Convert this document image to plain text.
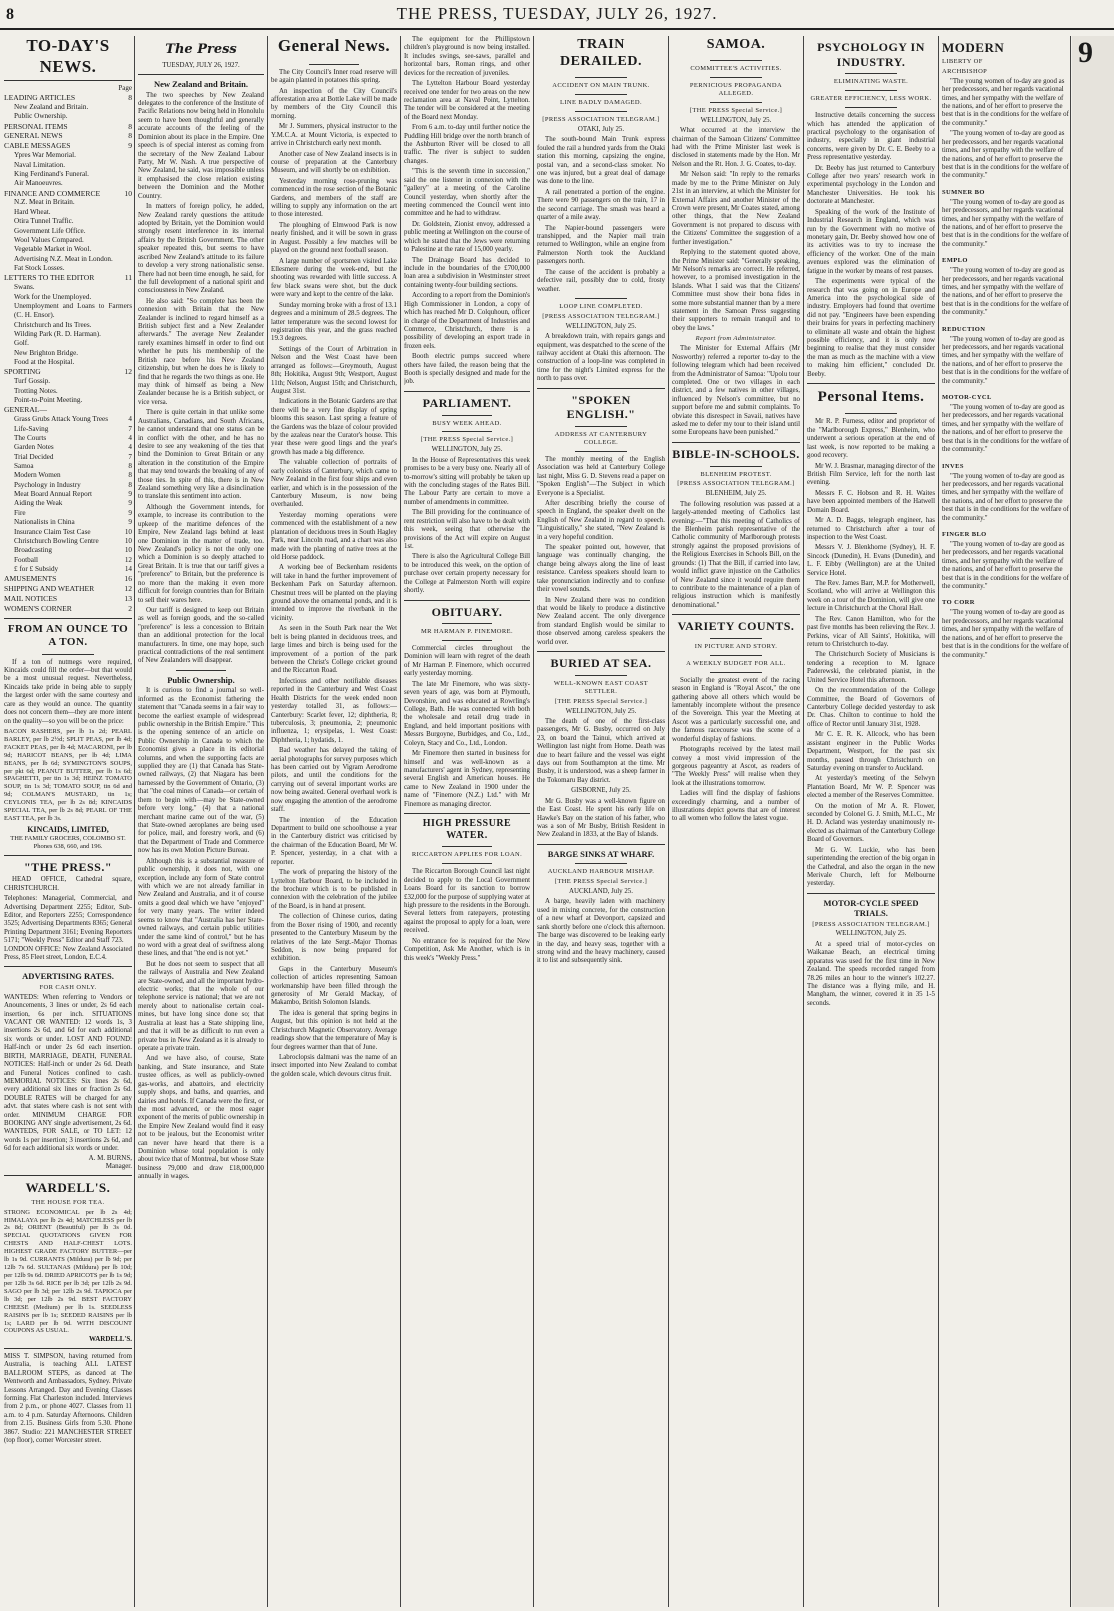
8	THE PRESS, TUESDAY, JULY 26, 1927.
TO-DAY'S NEWS.
Page
LEADING ARTICLES	8
New Zealand and Britain.
Public Ownership.
PERSONAL ITEMS	8
GENERAL NEWS	8
CABLE MESSAGES	9
Ypres War Memorial.
Naval Limitation.
King Ferdinand's Funeral.
Air Manoeuvres.
FINANCE AND COMMERCE	10
N.Z. Meat in Britain.
Hard Wheat.
Otira Tunnel Traffic.
Government Life Office.
Wool Values Compared.
Vegetable Market in Wool.
Advertising N.Z. Meat in London.
Fat Stock Losses.
LETTERS TO THE EDITOR	11
Swans.
Work for the Unemployed.
Unemployment and Loans to Farmers (C. H. Ensor).
Christchurch and Its Trees.
Wilding Park (R. D. Harman).
Golf.
New Brighton Bridge.
Food at the Hospital.
SPORTING	12
Turf Gossip.
Trotting Notes.
Point-to-Point Meeting.
GENERAL—
Grass Grubs Attack Young Trees	4
Life-Saving	7
The Courts	4
Garden Notes	4
Trial Decided	7
Samoa	8
Modern Women	8
Psychology in Industry	8
Meat Board Annual Report	9
Aiding the Weak	9
Fire	9
Nationalists in China	9
Insurance Claim Test Case	10
Christchurch Bowling Centre	10
Broadcasting	10
Football	12
£ for £ Subsidy	14
AMUSEMENTS	16
SHIPPING AND WEATHER	12
MAIL NOTICES	13
WOMEN'S CORNER	2
FROM AN OUNCE TO A TON.

If a ton of nutmegs were required, Kincaids could fill the order—but that would be a most unusual request. Nevertheless, Kincaids take pride in being able to supply the largest order with the same courtesy and care as they would an ounce. The quantity does not concern them—they are more intent on the quality—so you will be on the price:

BACON RASHERS, per lb 1s 2d; PEARL BARLEY, per lb 2½d; SPLIT PEAS, per lb 4d; FACKET PEAS, per lb 4d; MACARONI, per lb 9d; HARICOT BEANS, per lb 4d; LIMA BEANS, per lb 6d; SYMINGTON'S SOUPS, per pkt 6d; PEANUT BUTTER, per lb 1s 6d; SPAGHETTI, per tin 1s 3d; HEINZ TOMATO SOUP, tin 1s 3d; TOMATO SOUP, tin 6d and 9d; COLMAN'S MUSTARD, tin 1s; CEYLONIS TEA, per lb 2s 8d; KINCAIDS SPECIAL TEA, per lb 2s 8d; PEARL OF THE EAST TEA, per lb 3s.

KINCAIDS, LIMITED,
THE FAMILY GROCERS, COLOMBO ST. Phones 638, 660, and 196.
"THE PRESS."

HEAD OFFICE, Cathedral square, CHRISTCHURCH.

Telephones: Managerial, Commercial, and Advertising Department 2255; Editor, Sub-Editor, and Reporters 2255; Correspondence 3525; Advertising Departments 8365; General Printing Department 3161; Evening Reporters 5171; "Weekly Press" Editor and Staff 723.

LONDON OFFICE: New Zealand Associated Press, 85 Fleet street, London, E.C.4.

ADVERTISING RATES.
FOR CASH ONLY.

WANTEDS: When referring to Vendors or Anouncements, 3 lines or under, 2s 6d each insertion, 6s per inch. SITUATIONS VACANT OR WANTED: 12 words 1s, 3 insertions 2s 6d, and 6d for each additional six words or under. LOST AND FOUND: Half-inch or under 2s 6d each insertion. BIRTH, MARRIAGE, DEATH, FUNERAL NOTICES: Half-inch or under 2s 6d. Death and Funeral Notices confined to cash. MEMORIAL NOTICES: Six lines 2s 6d, every additional six lines or fraction 2s 6d. DOUBLE RATES will be charged for any advt. that states where cash is not sent with order. MINIMUM CHARGE FOR BOOKING ANY single advertisement, 2s 6d. WANTEDS, FOR SALE, or TO LET: 12 words 1s per insertion; 3 insertions 2s 6d, and 6d for each additional six words or under.

A. M. BURNS,
Manager.
WARDELL'S.
THE HOUSE FOR TEA.

STRONG ECONOMICAL per lb 2s 4d; HIMALAYA per lb 2s 4d; MATCHLESS per lb 2s 8d; ORIENT (Beautiful) per lb 3s 0d. SPECIAL QUOTATIONS GIVEN FOR CHESTS AND HALF-CHEST LOTS. HIGHEST GRADE FACTORY BUTTER—per lb 1s 9d. CURRANTS (Mildura) per lb 9d; per 12lb 7s 6d. SULTANAS (Mildura) per lb 10d; per 12lb 9s 6d. DRIED APRICOTS per lb 1s 9d; per 12lb 3s 6d. RICE per lb 3d; per 12lb 2s 9d. SAGO per lb 3d; per 12lb 2s 9d. TAPIOCA per lb 3d; per 12lb 2s 9d. BEST FACTORY CHEESE (Medium) per lb 1s. SEEDLESS RAISINS per lb 1s; SEEDED RAISINS per lb 1s; LARD per lb 9d. WITH DISCOUNT COUPONS AS USUAL.

WARDELL'S.

MISS T. SIMPSON, having returned from Australia, is teaching ALL LATEST BALLROOM STEPS, as danced at The Wentworth and Ambassadors, Sydney. Private Lessons Arranged. Day and Evening Classes forming. Flat Charleston included. Interviews from 2 p.m., or phone 4027. Classes from 11 a.m. to 4 p.m. Saturday Afternoons. Children from 2.15. Business Girls from 5.30. Phone 3867. Studio: 221 MANCHESTER STREET (top floor), corner Worcester street.

The Press
TUESDAY, JULY 26, 1927.
New Zealand and Britain.

The two speeches by New Zealand delegates to the conference of the Institute of Pacific Relations now being held in Honolulu seem to have been thoughtful and generally accurate accounts of the feeling of the Dominion about its place in the Empire. One speech is of special interest as coming from the secretary of the New Zealand Labour Party, Mr W. Nash. A true perspective of New Zealand, he said, was impossible unless it emphasised the close relation existing between the Dominion and the Mother Country.

In matters of foreign policy, he added, New Zealand rarely questions the attitude adopted by Britain, yet the Dominion would strongly resent interference in its internal affairs by the British Government. The other speaker repeated this, but seems to have ascribed New Zealand's attitude to its failure to develop a very strong nationalistic sense. There had not been time enough, he said, for the full development of a national spirit and consciousness in New Zealand.

He also said: "So complete has been the connexion with Britain that the New Zealander is inclined to regard himself as a British subject first and a New Zealander afterwards." The average New Zealander rarely examines himself in order to find out whether he puts his membership of the British race before his New Zealand citizenship, but when he does he is likely to find that he regards the two things as one. He may think of himself as being a New Zealander because he is a British subject, or vice versa.

There is quite certain in that unlike some Australians, Canadians, and South Africans, he cannot understand that one status can be in conflict with the other, and he has no desire to see any weakening of the ties that bind the Dominion to Great Britain or any alteration in the constitution of the Empire that may tend towards the breaking of any of those ties. In spite of this, there is in New Zealand something very like a disinclination to translate this sentiment into action.

Although the Government intends, for example, to increase its contribution to the upkeep of the maritime defences of the Empire, New Zealand lags behind at least one Dominion in the matter of trade, too. New Zealand's policy is not the only one which a Dominion is so deeply attached to Great Britain. It is true that our tariff gives a "preference" to Britain, but the preference is no more than the making it even more difficult for foreign countries than for Britain to sell their wares here.

Our tariff is designed to keep out Britain as well as foreign goods, and the so-called "preference" is less a concession to Britain than an additional protection for the local manufacturers. In time, one may hope, such practical contradictions of the real sentiment of New Zealanders will disappear.

Public Ownership.

It is curious to find a journal so well-informed as the Economist fathering the statement that "Canada seems in a fair way to become the earliest example of widespread public ownership in the British Empire." This is the opening sentence of an article on Public Ownership in Canada to which the Economist gives a place in its editorial columns, and when the supporting facts are supplied they are (1) that Canada has State-owned railways, (2) that Niagara has been harnessed by the Government of Ontario, (3) that "the coal mines of Canada—or certain of them to begin with—may be State-owned before very long," (4) that a national merchant marine came out of the war, (5) that State-owned aeroplanes are being used for police, mail, and forestry work, and (6) that the Department of Trade and Commerce now has its own Motion Picture Bureau.

Although this is a substantial measure of public ownership, it does not, with one exception, include any form of State control with which we are not already familiar in New Zealand and Australia, and it of course omits a good deal which we have "enjoyed" for very many years. The writer indeed seems to know that "Australia has her State-owned railways, and certain public utilities under the same kind of control," but he has no word with a great deal of swiftness along these lines, and that "the end is not yet."

But he does not seem to suspect that all the railways of Australia and New Zealand are State-owned, and all the important hydro-electric works; that the whole of our telephone service is national; that we are not merely about to nationalise certain coal-mines, but have long since done so; that Australia at least has a State shipping line, and that it will be as difficult to run even a private bus in New Zealand as it is already to operate a private train.

And we have also, of course, State banking, and State insurance, and State trustee offices, as well as publicly-owned gas-works, and abattoirs, and electricity supply shops, and baths, and quarries, and dairies and hotels. If Canada were the first, or the most advanced, or the most eager exponent of the merits of public ownership in the Empire New Zealand would find it easy not to be jealous, but the Economist writer can never have heard that there is a Dominion whose total population is only about twice that of Montreal, but whose State business 79,000 and draw £18,000,000 annually in wages.

General News.

The City Council's Inner road reserve will be again planted in potatoes this spring.

An inspection of the City Council's afforestation area at Bottle Lake will be made by members of the City Council this morning.

Mr J. Summers, physical instructor to the Y.M.C.A. at Mount Victoria, is expected to arrive in Christchurch early next month.

Another case of New Zealand insects is in course of preparation at the Canterbury Museum, and will shortly be on exhibition.

Yesterday morning rose-pruning was commenced in the rose section of the Botanic Gardens, and members of the staff are willing to supply any information on the art to those interested.

The ploughing of Elmwood Park is now nearly finished, and it will be sown in grass in August. Possibly a few matches will be played on the ground next football season.

A large number of sportsmen visited Lake Ellesmere during the week-end, but the shooting was rewarded with little success. A few black swans were shot, but the duck were wary and kept to the centre of the lake.

Sunday morning broke with a frost of 13.1 degrees and a minimum of 28.5 degrees. The latter temperature was the second lowest for registration this year, and the grass reached 19.3 degrees.

Settings of the Court of Arbitration in Nelson and the West Coast have been arranged as follows:—Greymouth, August 8th; Hokitika, August 9th; Westport, August 11th; Nelson, August 15th; and Christchurch, August 31st.

Indications in the Botanic Gardens are that there will be a very fine display of spring blooms this season. Last spring a feature of the Gardens was the blaze of colour provided by the azaleas near the Curator's house. This year these were good lings and the year's growth has made a big difference.

The valuable collection of portraits of early colonists of Canterbury, which came to New Zealand in the first four ships and even earlier, and which is in the possession of the Canterbury Museum, is now being overhauled.

Yesterday morning operations were commenced with the establishment of a new plantation of deciduous trees in South Hagley Park, near Lincoln road, and a chart was also made with the planting of native trees at the old Horse paddock.

A working bee of Beckenham residents will take in hand the further improvement of Beckenham Park on Saturday afternoon. Chestnut trees will be planted on the playing ground above the ornamental ponds, and it is intended to improve the riverbank in the vicinity.

As seen in the South Park near the Wet belt is being planted in deciduous trees, and large limes and birch is being used for the improvement of a portion of the park between the Christ's College cricket ground and the Riccarton Road.

Infectious and other notifiable diseases reported in the Canterbury and West Coast Health Districts for the week ended noon yesterday totalled 31, as follows:—Canterbury: Scarlet fever, 12; diphtheria, 8; tuberculosis, 3; pneumonia, 2; pneumonic influenza, 1; erysipelas, 1. West Coast: Diphtheria, 1; hydatids, 1.

Bad weather has delayed the taking of aerial photographs for survey purposes which has been carried out by Vigram Aerodrome pilots, and until the conditions for the carrying out of several important works are now being awaited. General overhaul work is now engaging the attention of the aerodrome staff.

The intention of the Education Department to build one schoolhouse a year in the Canterbury district was criticised by the chairman of the Education Board, Mr W. P. Spencer, yesterday, in a chat with a reporter.

The work of preparing the history of the Lyttelton Harbour Board, to be included in the brochure which is to be published in connexion with the celebration of the jubilee of the Board, is in hand at present.

The collection of Chinese curios, dating from the Boxer rising of 1900, and recently presented to the Canterbury Museum by the relatives of the late Sergt.-Major Thomas Seddon, is now being prepared for exhibition.

Gaps in the Canterbury Museum's collection of articles representing Samoan workmanship have been filled through the generosity of Mr Gerald Mackay, of Makambo, British Solomon Islands.

The idea is general that spring begins in August, but this opinion is not held at the Christchurch Magnetic Observatory. Average readings show that the temperature of May is four degrees warmer than that of June.

Labroclopsis dalmani was the name of an insect imported into New Zealand to combat the golden scale, which devours citrus fruit.

The equipment for the Phillipstown children's playground is now being installed. It includes swings, see-saws, parallel and horizontal bars, Roman rings, and other devices for the recreation of juveniles.

The Lyttelton Harbour Board yesterday received one tender for two areas on the new reclamation area at Naval Point, Lyttelton. The tender will be considered at the meeting of the Board next Monday.

From 6 a.m. to-day until further notice the Puddling Hill bridge over the north branch of the Ashburton River will be closed to all traffic. The river is subject to sudden changes.

"This is the seventh time in succession," said the one listener in connexion with the "gallery" at a meeting of the Caroline Council yesterday, when shortly after the meeting commenced the Council went into committee and he had to withdraw.

Dr. Goldstein, Zionist envoy, addressed a public meeting at Wellington on the course of which he stated that the Jews were returning to Palestine at the rate of 15,000 yearly.

The Drainage Board has decided to include in the boundaries of the £700,000 loan area a subdivision in Westminster street containing twenty-four building sections.

According to a report from the Dominion's High Commissioner in London, a copy of which has reached Mr D. Colquhoun, officer in charge of the Department of Industries and Commerce, Christchurch, there is a possibility of developing an export trade in frozen eels.

Booth electric pumps succeed where others have failed, the reason being that the Booth is specially designed and made for the job.

PARLIAMENT.
BUSY WEEK AHEAD.
[THE PRESS Special Service.]
WELLINGTON, July 25.

In the House of Representatives this week promises to be a very busy one. Nearly all of to-morrow's sitting will probably be taken up with the concluding stages of the Rates Bill. The Labour Party are certain to move a number of amendments in committee.

The Bill providing for the continuance of rent restriction will also have to be dealt with this week, seeing that otherwise the provisions of the Act will expire on August 1st.

There is also the Agricultural College Bill to be introduced this week, on the option of purchase over certain property necessary for the College at Palmerston North will expire shortly.

OBITUARY.
MR HARMAN P. FINEMORE.

Commercial circles throughout the Dominion will learn with regret of the death of Mr Harman P. Finemore, which occurred early yesterday morning.

The late Mr Finemore, who was sixty-seven years of age, was born at Plymouth, Devonshire, and was educated at Rowrling's College, Bath. He was connected with both the wholesale and retail drug trade in England, and held important positions with Messrs Burgoyne, Burbidges, and Co., Ltd., Coleyn, Stacy and Co., Ltd., London.

Mr Finemore then started in business for himself and was well-known as a manufacturers' agent in Sydney, representing several English and American houses. He came to New Zealand in 1900 under the name of "Finemore (N.Z.) Ltd." with Mr Finemore as managing director.

HIGH PRESSURE WATER.
RICCARTON APPLIES FOR LOAN.

The Riccarton Borough Council last night decided to apply to the Local Government Loans Board for its sanction to borrow £32,000 for the purpose of supplying water at high pressure to the residents in the Borough. Several letters from ratepayers, protesting against the proposal to apply for a loan, were received.

No entrance fee is required for the New Competition, Ask Me Another, which is in this week's "Weekly Press."

TRAIN DERAILED.
ACCIDENT ON MAIN TRUNK.
LINE BADLY DAMAGED.
[PRESS ASSOCIATION TELEGRAM.]
OTAKI, July 25.

The south-bound Main Trunk express fouled the rail a hundred yards from the Otaki station this morning, capsizing the engine, postal van, and a second-class smoker. No one was injured, but a great deal of damage was done to the line.

A rail penetrated a portion of the engine. There were 90 passengers on the train, 17 in the second carriage. The smash was heard a quarter of a mile away.

The Napier-bound passengers were transhipped, and the Napier mail train returned to Wellington, while an engine from Palmerston North took the Auckland passengers north.

The cause of the accident is probably a defective rail, possibly due to cold, frosty weather.

LOOP LINE COMPLETED.
[PRESS ASSOCIATION TELEGRAM.]
WELLINGTON, July 25.

A breakdown train, with repairs gangs and equipment, was despatched to the scene of the railway accident at Otaki this afternoon. The construction of a loop-line was completed in time for the night's Limited express for the north to pass over.

"SPOKEN ENGLISH."
ADDRESS AT CANTERBURY COLLEGE.

The monthly meeting of the English Association was held at Canterbury College last night, Miss G. D. Stevens read a paper on "Spoken English"—The Subject in which Everyone is a Specialist.

After describing briefly the course of speech in England, the speaker dwelt on the English of New Zealand in regard to speech. "Linguistically," she stated, "New Zealand is in a very hopeful condition.

The speaker pointed out, however, that language was continually changing, the change being always along the line of least resistance. Careless speakers should learn to take pronunciation indirectly and to confuse their vowel sounds.

In New Zealand there was no condition that would be likely to produce a distinctive New Zealand accent. The only divergence from standard English would be similar to those observed among careless speakers the world over.

BURIED AT SEA.
WELL-KNOWN EAST COAST SETTLER.
[THE PRESS Special Service.]
WELLINGTON, July 25.

The death of one of the first-class passengers, Mr G. Busby, occurred on July 23, on board the Tainui, which arrived at Wellington last night from Home. Death was due to heart failure and the vessel was eight days out from Southampton at the time. Mr Busby, it is understood, was a sheep farmer in the Tokomaru Bay district.

GISBORNE, July 25.

Mr G. Busby was a well-known figure on the East Coast. He spent his early life on Hawke's Bay on the station of his father, who was a son of Mr Busby, British Resident in New Zealand in 1833, at the Bay of Islands.

BARGE SINKS AT WHARF.
AUCKLAND HARBOUR MISHAP.
[THE PRESS Special Service.]
AUCKLAND, July 25.

A barge, heavily laden with machinery used in mixing concrete, for the construction of a new wharf at Devonport, capsized and sank shortly before one o'clock this afternoon. The barge was discovered to be leaking early in the day, and heavy seas, together with a strong wind and the heavy machinery, caused it to list and subsequently sink.

SAMOA.
COMMITTEE'S ACTIVITIES.
PERNICIOUS PROPAGANDA ALLEGED.
[THE PRESS Special Service.]
WELLINGTON, July 25.

What occurred at the interview the chairman of the Samoan Citizens' Committee had with the Prime Minister last week is disclosed in statements made by the Hon. Mr Nelson and the Rt. Hon. J. G. Coates, to-day.

Mr Nelson said: "In reply to the remarks made by me to the Prime Minister on July 21st in an interview, at which the Minister for External Affairs and another Minister of the Crown were present, Mr Coates stated, among other things, that the New Zealand Government is not prepared to discuss with the Citizens' Committee the suggestion of a further investigation."

Replying to the statement quoted above, the Prime Minister said: "Generally speaking, Mr Nelson's remarks are correct. He referred, however, to a promised investigation in the Islands. What I said was that the Citizens' Committee must show their bona fides in some more substantial manner than by a mere statement in the Samoan Press suggesting their supporters to remain tranquil and to obey the laws."

Report from Administrator.

The Minister for External Affairs (Mr Nosworthy) referred a reporter to-day to the following telegram which had been received from the Administrator of Samoa: "Upolu tour completed. One or two villages in each district, and a few natives in other villages, influenced by Nelson's committee, but no support before me and submit complaints. To obviate this disrespect in Savaii, natives have asked me to defer my tour to their island until some Europeans have been punished."

BIBLE-IN-SCHOOLS.
BLENHEIM PROTEST.
[PRESS ASSOCIATION TELEGRAM.]
BLENHEIM, July 25.

The following resolution was passed at a largely-attended meeting of Catholics last evening:—"That this meeting of Catholics of the Blenheim parish representative of the Catholic community of Marlborough protests strongly against the proposed provisions of the Religious Exercises in Schools Bill, on the grounds: (1) That the Bill, if carried into law, would inflict grave injustice on the Catholics of New Zealand since it would require them to contribute to the maintenance of a plan of religious instruction which is manifestly denominational."

VARIETY COUNTS.
IN PICTURE AND STORY.
A WEEKLY BUDGET FOR ALL.

Socially the greatest event of the racing season in England is "Royal Ascot," the one gathering above all others which would be lamentably incomplete without the presence of the Sovereign. This year the Meeting at Ascot was a particularly successful one, and the famous racecourse was the scene of a wonderful display of fashions.

Photographs received by the latest mail convey a most vivid impression of the gorgeous pageantry at Ascot, as readers of "The Weekly Press" will realise when they look at the illustrations tomorrow.

Ladies will find the display of fashions exceedingly charming, and a number of illustrations depict gowns that are of interest to all women who follow the latest vogue.

PSYCHOLOGY IN INDUSTRY.
ELIMINATING WASTE.
GREATER EFFICIENCY, LESS WORK.

Instructive details concerning the success which has attended the application of practical psychology to the organisation of industry, especially in giant industrial concerns, were given by Dr. C. E. Beeby to a Press representative yesterday.

Dr. Beeby has just returned to Canterbury College after two years' research work in experimental psychology in the London and Manchester Universities. He took his doctorate at Manchester.

Speaking of the work of the Institute of Industrial Research in England, which was run by the Government with no motive of monetary gain, Dr. Beeby showed how one of its activities was to try to increase the efficiency of the worker. One of the main avenues explored was the elimination of fatigue in the worker by means of rest pauses.

The experiments were typical of the research that was going on in Europe and America into the psychological side of industry. Employers had found that overtime did not pay. "Engineers have been expending their brains for years in perfecting machinery to eliminate all waste and obtain the highest possible efficiency, and it is only now beginning to realise that they must consider the man as much as the machine with a view to making him efficient," concluded Dr. Beeby.

Personal Items.

Mr R. P. Furness, editor and proprietor of the "Marlborough Express," Blenheim, who underwent a serious operation at the end of last week, is now reported to be making a good recovery.

Mr W. J. Brasmar, managing director of the British Film Service, left for the north last evening.

Messrs F. C. Hobson and R. H. Waites have been appointed members of the Hatwell Domain Board.

Mr A. D. Baggs, telegraph engineer, has returned to Christchurch after a tour of inspection to the West Coast.

Messrs V. J. Blenkhorne (Sydney), H. F. Sincock (Dunedin), H. Evans (Dunedin), and L. F. Eibby (Wellington) are at the United Service Hotel.

The Rev. James Barr, M.P. for Motherwell, Scotland, who will arrive at Wellington this week on a tour of the Dominion, will give one lecture in Christchurch at the Choral Hall.

The Rev. Canon Hamilton, who for the past five months has been relieving the Rev. J. Perkins, vicar of All Saints', Hokitika, will return to Christchurch to-day.

The Christchurch Society of Musicians is tendering a reception to M. Ignace Paderewski, the celebrated pianist, in the United Service Hotel this afternoon.

On the recommendation of the College Committee, the Board of Governors of Canterbury College decided yesterday to ask Dr. Chas. Chilton to continue to hold the office of Rector until January 31st, 1928.

Mr C. E. R. K. Allcock, who has been assistant engineer in the Public Works Department, Westport, for the past six months, passed through Christchurch on Saturday evening on transfer to Auckland.

At yesterday's meeting of the Selwyn Plantation Board, Mr W. P. Spencer was elected a member of the Reserves Committee.

On the motion of Mr A. R. Flower, seconded by Colonel G. J. Smith, M.L.C., Mr H. D. Acland was yesterday unanimously re-elected as chairman of the Canterbury College Board of Governors.

Mr G. W. Luckie, who has been superintending the erection of the big organ in the Cathedral, and also the organ in the new Merivale Church, left for Melbourne yesterday.

MOTOR-CYCLE SPEED TRIALS.
[PRESS ASSOCIATION TELEGRAM.]
WELLINGTON, July 25.

At a speed trial of motor-cycles on Waikanae Beach, an electrical timing apparatus was used for the first time in New Zealand. The speeds recorded ranged from 78.26 miles an hour to the winner's 102.27. The distance was a flying mile, and H. Mangham, the winner, covered it in 35 1-5 seconds.

MODERN
LIBERTY OF
ARCHBISHOP

"The young women of to-day are good as her predecessors, and her regards vacational times, and her sympathy with the welfare of the nations, and of her effort to preserve the best that is in the conditions for the welfare of the community."

"The young women of to-day are good as her predecessors, and her regards vacational times, and her sympathy with the welfare of the nations, and of her effort to preserve the best that is in the conditions for the welfare of the community."

SUMNER BO

"The young women of to-day are good as her predecessors, and her regards vacational times, and her sympathy with the welfare of the nations, and of her effort to preserve the best that is in the conditions for the welfare of the community."

EMPLO

"The young women of to-day are good as her predecessors, and her regards vacational times, and her sympathy with the welfare of the nations, and of her effort to preserve the best that is in the conditions for the welfare of the community."

REDUCTION

"The young women of to-day are good as her predecessors, and her regards vacational times, and her sympathy with the welfare of the nations, and of her effort to preserve the best that is in the conditions for the welfare of the community."

MOTOR-CYCL

"The young women of to-day are good as her predecessors, and her regards vacational times, and her sympathy with the welfare of the nations, and of her effort to preserve the best that is in the conditions for the welfare of the community."

INVES

"The young women of to-day are good as her predecessors, and her regards vacational times, and her sympathy with the welfare of the nations, and of her effort to preserve the best that is in the conditions for the welfare of the community."

FINGER BLO

"The young women of to-day are good as her predecessors, and her regards vacational times, and her sympathy with the welfare of the nations, and of her effort to preserve the best that is in the conditions for the welfare of the community."

TO CORR

"The young women of to-day are good as her predecessors, and her regards vacational times, and her sympathy with the welfare of the nations, and of her effort to preserve the best that is in the conditions for the welfare of the community."

9
